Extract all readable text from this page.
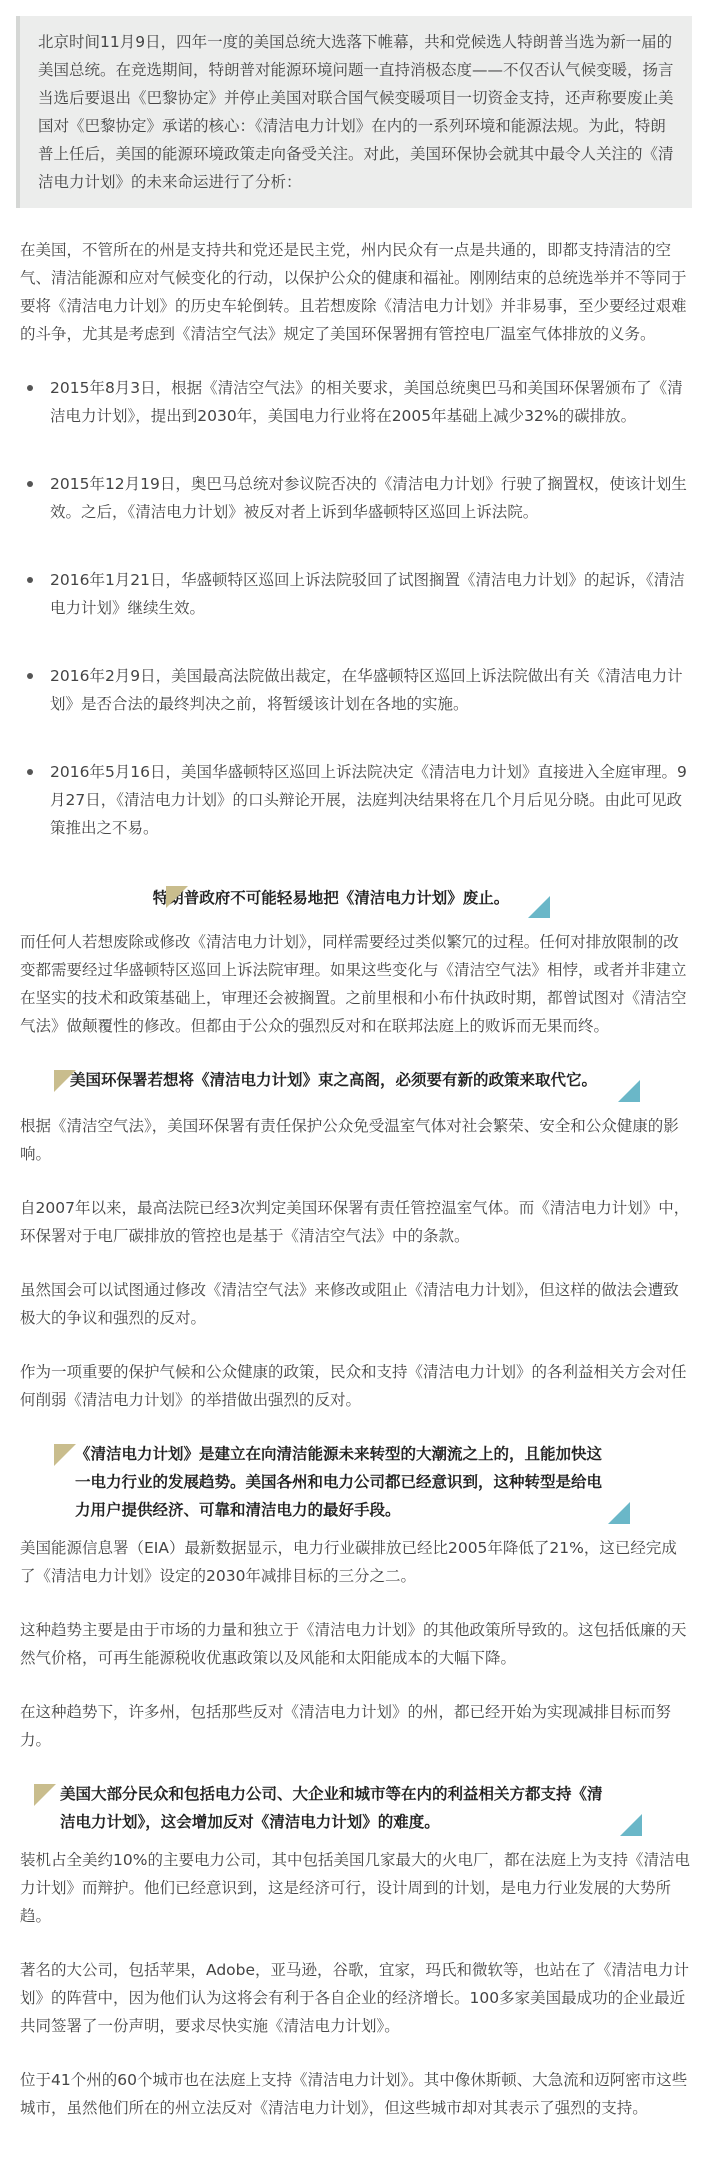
北京时间11月9日，四年一度的美国总统大选落下帷幕，共和党候选人特朗普当选为新一届的美国总统。在竞选期间，特朗普对能源环境问题一直持消极态度——不仅否认气候变暖，扬言当选后要退出《巴黎协定》并停止美国对联合国气候变暖项目一切资金支持，还声称要废止美国对《巴黎协定》承诺的核心：《清洁电力计划》在内的一系列环境和能源法规。为此，特朗普上任后，美国的能源环境政策走向备受关注。对此，美国环保协会就其中最令人关注的《清洁电力计划》的未来命运进行了分析：

在美国，不管所在的州是支持共和党还是民主党，州内民众有一点是共通的，即都支持清洁的空气、清洁能源和应对气候变化的行动，以保护公众的健康和福祉。刚刚结束的总统选举并不等同于要将《清洁电力计划》的历史车轮倒转。且若想废除《清洁电力计划》并非易事，至少要经过艰难的斗争，尤其是考虑到《清洁空气法》规定了美国环保署拥有管控电厂温室气体排放的义务。

2015年8月3日，根据《清洁空气法》的相关要求，美国总统奥巴马和美国环保署颁布了《清洁电力计划》，提出到2030年，美国电力行业将在2005年基础上减少32%的碳排放。
2015年12月19日，奥巴马总统对参议院否决的《清洁电力计划》行驶了搁置权，使该计划生效。之后，《清洁电力计划》被反对者上诉到华盛顿特区巡回上诉法院。
2016年1月21日，华盛顿特区巡回上诉法院驳回了试图搁置《清洁电力计划》的起诉，《清洁电力计划》继续生效。
2016年2月9日，美国最高法院做出裁定，在华盛顿特区巡回上诉法院做出有关《清洁电力计划》是否合法的最终判决之前，将暂缓该计划在各地的实施。
2016年5月16日，美国华盛顿特区巡回上诉法院决定《清洁电力计划》直接进入全庭审理。9月27日，《清洁电力计划》的口头辩论开展，法庭判决结果将在几个月后见分晓。由此可见政策推出之不易。
特朗普政府不可能轻易地把《清洁电力计划》废止。

而任何人若想废除或修改《清洁电力计划》，同样需要经过类似繁冗的过程。任何对排放限制的改变都需要经过华盛顿特区巡回上诉法院审理。如果这些变化与《清洁空气法》相悖，或者并非建立在坚实的技术和政策基础上，审理还会被搁置。之前里根和小布什执政时期，都曾试图对《清洁空气法》做颠覆性的修改。但都由于公众的强烈反对和在联邦法庭上的败诉而无果而终。

美国环保署若想将《清洁电力计划》束之高阁，必须要有新的政策来取代它。

根据《清洁空气法》，美国环保署有责任保护公众免受温室气体对社会繁荣、安全和公众健康的影响。

自2007年以来，最高法院已经3次判定美国环保署有责任管控温室气体。而《清洁电力计划》中，环保署对于电厂碳排放的管控也是基于《清洁空气法》中的条款。

虽然国会可以试图通过修改《清洁空气法》来修改或阻止《清洁电力计划》，但这样的做法会遭致极大的争议和强烈的反对。

作为一项重要的保护气候和公众健康的政策，民众和支持《清洁电力计划》的各利益相关方会对任何削弱《清洁电力计划》的举措做出强烈的反对。

《清洁电力计划》是建立在向清洁能源未来转型的大潮流之上的，且能加快这一电力行业的发展趋势。美国各州和电力公司都已经意识到，这种转型是给电力用户提供经济、可靠和清洁电力的最好手段。

美国能源信息署（EIA）最新数据显示，电力行业碳排放已经比2005年降低了21%，这已经完成了《清洁电力计划》设定的2030年减排目标的三分之二。

这种趋势主要是由于市场的力量和独立于《清洁电力计划》的其他政策所导致的。这包括低廉的天然气价格，可再生能源税收优惠政策以及风能和太阳能成本的大幅下降。

在这种趋势下，许多州，包括那些反对《清洁电力计划》的州，都已经开始为实现减排目标而努力。

美国大部分民众和包括电力公司、大企业和城市等在内的利益相关方都支持《清洁电力计划》，这会增加反对《清洁电力计划》的难度。

装机占全美约10%的主要电力公司，其中包括美国几家最大的火电厂，都在法庭上为支持《清洁电力计划》而辩护。他们已经意识到，这是经济可行，设计周到的计划，是电力行业发展的大势所趋。

著名的大公司，包括苹果，Adobe，亚马逊，谷歌，宜家，玛氏和微软等，也站在了《清洁电力计划》的阵营中，因为他们认为这将会有利于各自企业的经济增长。100多家美国最成功的企业最近共同签署了一份声明，要求尽快实施《清洁电力计划》。

位于41个州的60个城市也在法庭上支持《清洁电力计划》。其中像休斯顿、大急流和迈阿密市这些城市，虽然他们所在的州立法反对《清洁电力计划》，但这些城市却对其表示了强烈的支持。
